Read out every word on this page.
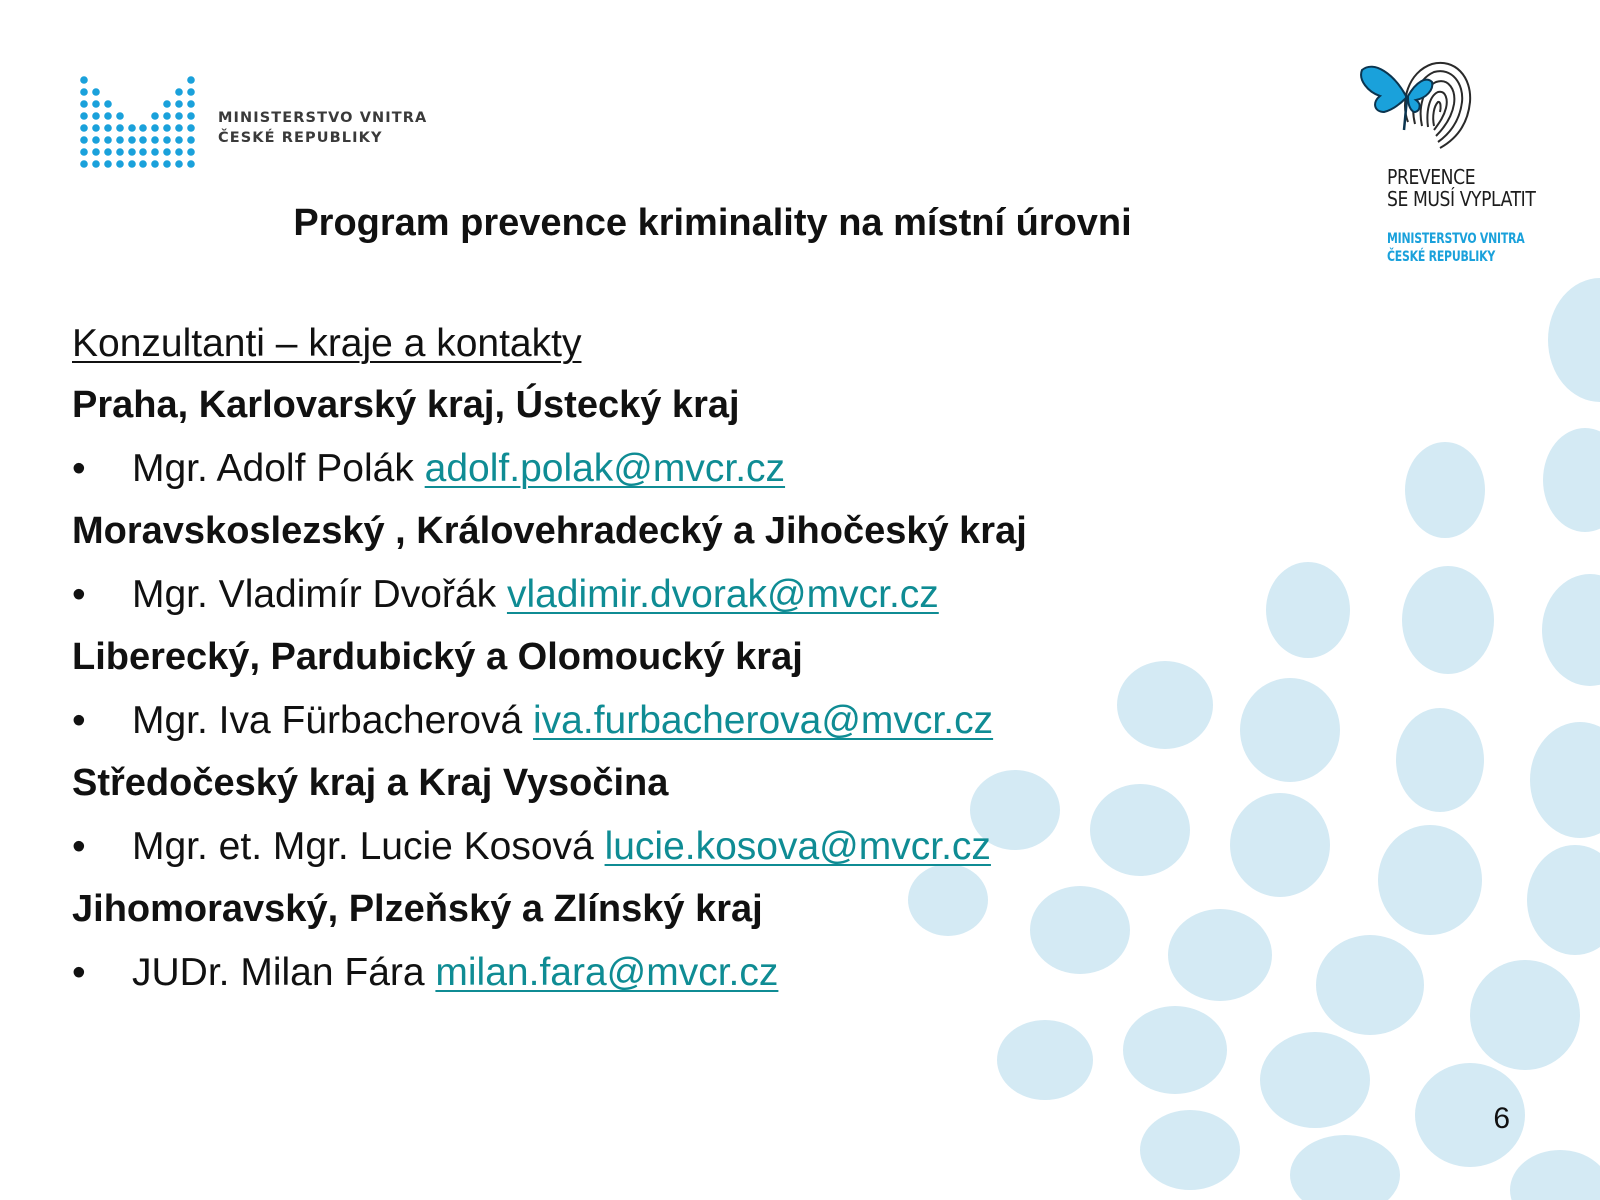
MINISTERSTVO VNITRA
ČESKÉ REPUBLIKY
PREVENCE
SE MUSÍ VYPLATIT
MINISTERSTVO VNITRA
ČESKÉ REPUBLIKY
Program prevence kriminality na místní úrovni
Konzultanti – kraje a kontakty
Praha, Karlovarský kraj, Ústecký kraj
•	Mgr. Adolf Polák adolf.polak@mvcr.cz
Moravskoslezský , Královehradecký a Jihočeský kraj
•	Mgr. Vladimír Dvořák vladimir.dvorak@mvcr.cz
Liberecký, Pardubický a Olomoucký kraj
•	Mgr. Iva Fürbacherová iva.furbacherova@mvcr.cz
Středočeský kraj a Kraj Vysočina
•	Mgr. et. Mgr. Lucie Kosová lucie.kosova@mvcr.cz
Jihomoravský, Plzeňský a Zlínský kraj
•	JUDr. Milan Fára milan.fara@mvcr.cz
6
